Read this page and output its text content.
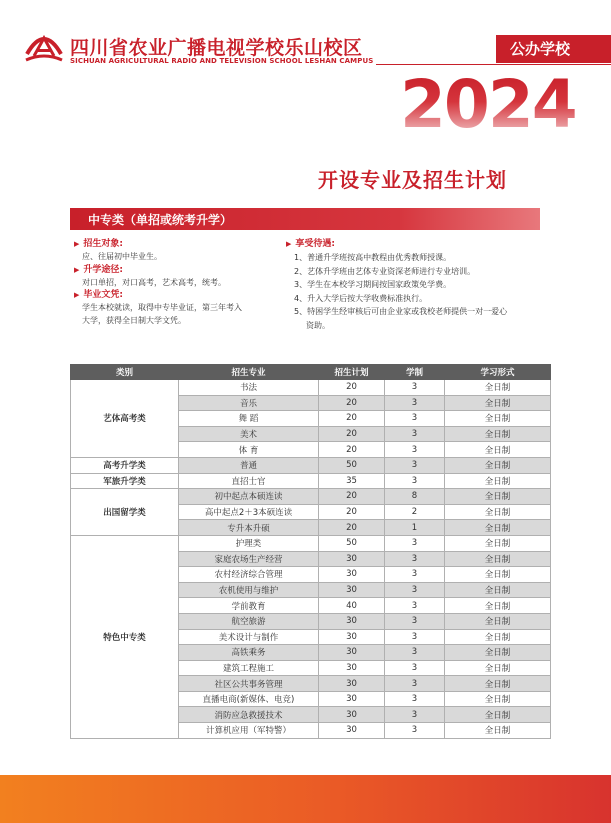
四川省农业广播电视学校乐山校区
SICHUAN AGRICULTURAL RADIO AND TELEVISION SCHOOL LESHAN CAMPUS
公办学校
2024
开设专业及招生计划
中专类（单招或统考升学）
▶ 招生对象:
应、往届初中毕业生。
▶ 升学途径:
对口单招，对口高考，艺术高考，统考。
▶ 毕业文凭:
学生本校就读，取得中专毕业证，第三年考入
大学，获得全日制大学文凭。
▶ 享受待遇:
1、普通升学班按高中教程由优秀教师授课。
2、艺体升学班由艺体专业资深老师进行专业培训。
3、学生在本校学习期间按国家政策免学费。
4、升入大学后按大学收费标准执行。
5、特困学生经审核后可由企业家或我校老师提供一对一爱心
资助。
类别	招生专业	招生计划	学制	学习形式
艺体高考类	书法	20	3	全日制
	音乐	20	3	全日制
	舞 蹈	20	3	全日制
	美术	20	3	全日制
	体 育	20	3	全日制
高考升学类	普通	50	3	全日制
军旅升学类	直招士官	35	3	全日制
出国留学类	初中起点本硕连读	20	8	全日制
	高中起点2＋3本硕连读	20	2	全日制
	专升本升硕	20	1	全日制
特色中专类	护理类	50	3	全日制
	家庭农场生产经营	30	3	全日制
	农村经济综合管理	30	3	全日制
	农机使用与维护	30	3	全日制
	学前教育	40	3	全日制
	航空旅游	30	3	全日制
	美术设计与制作	30	3	全日制
	高铁乘务	30	3	全日制
	建筑工程施工	30	3	全日制
	社区公共事务管理	30	3	全日制
	直播电商(新媒体、电竞)	30	3	全日制
	消防应急救援技术	30	3	全日制
	计算机应用（军特警）	30	3	全日制
